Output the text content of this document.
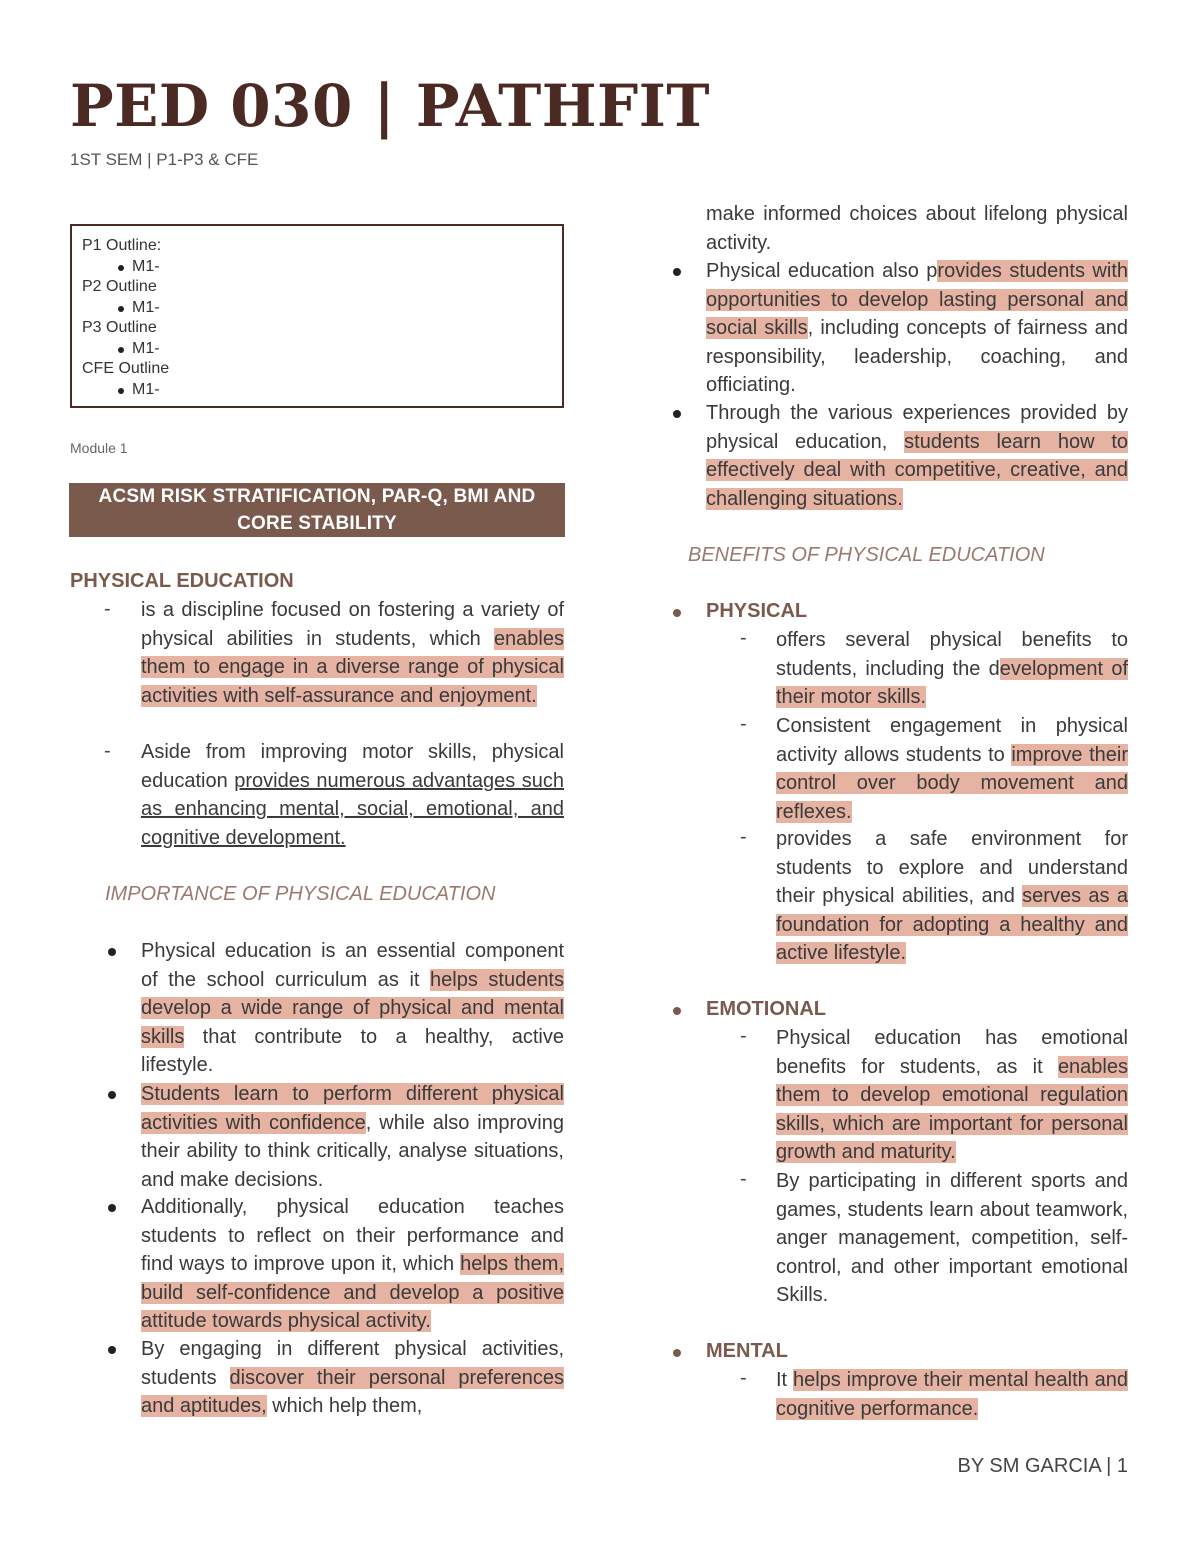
PED 030 | PATHFIT
1ST SEM | P1-P3 & CFE
P1 Outline:
M1-
P2 Outline
M1-
P3 Outline
M1-
CFE Outline
M1-
Module 1
ACSM RISK STRATIFICATION, PAR-Q, BMI AND
CORE STABILITY
PHYSICAL EDUCATION
- is a discipline focused on fostering a variety of physical abilities in students, which enables them to engage in a diverse range of physical activities with self-assurance and enjoyment.
- Aside from improving motor skills, physical education provides numerous advantages such as enhancing mental, social, emotional, and cognitive development.
IMPORTANCE OF PHYSICAL EDUCATION
Physical education is an essential component of the school curriculum as it helps students develop a wide range of physical and mental skills that contribute to a healthy, active lifestyle.
Students learn to perform different physical activities with confidence, while also improving their ability to think critically, analyse situations, and make decisions.
Additionally, physical education teaches students to reflect on their performance and find ways to improve upon it, which helps them, build self-confidence and develop a positive attitude towards physical activity.
By engaging in different physical activities, students discover their personal preferences and aptitudes, which help them,
make informed choices about lifelong physical activity.
Physical education also provides students with opportunities to develop lasting personal and social skills, including concepts of fairness and responsibility, leadership, coaching, and officiating.
Through the various experiences provided by physical education, students learn how to effectively deal with competitive, creative, and challenging situations.
BENEFITS OF PHYSICAL EDUCATION
PHYSICAL
- offers several physical benefits to students, including the development of their motor skills.
- Consistent engagement in physical activity allows students to improve their control over body movement and reflexes.
- provides a safe environment for students to explore and understand their physical abilities, and serves as a foundation for adopting a healthy and active lifestyle.
EMOTIONAL
- Physical education has emotional benefits for students, as it enables them to develop emotional regulation skills, which are important for personal growth and maturity.
- By participating in different sports and games, students learn about teamwork, anger management, competition, self-control, and other important emotional Skills.
MENTAL
- It helps improve their mental health and cognitive performance.
BY SM GARCIA | 1
